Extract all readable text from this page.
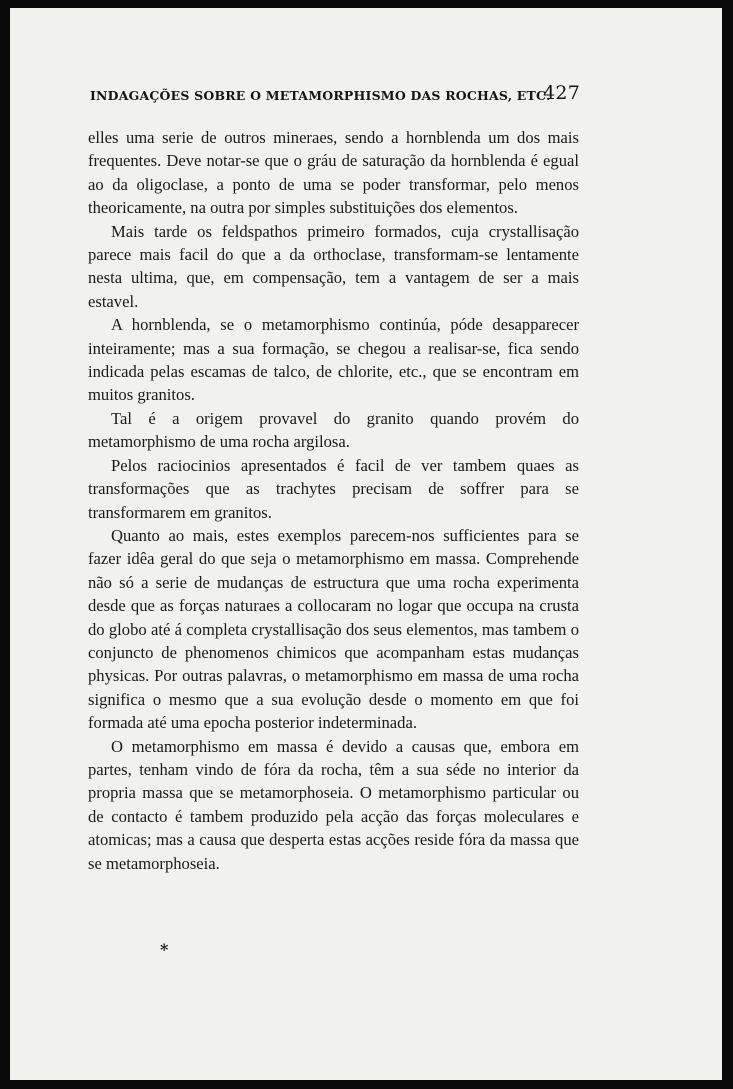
INDAGAÇÕES SOBRE O METAMORPHISMO DAS ROCHAS, ETC.
427

elles uma serie de outros mineraes, sendo a hornblenda um dos mais frequentes. Deve notar-se que o gráu de saturação da hornblenda é egual ao da oligoclase, a ponto de uma se poder transformar, pelo menos theoricamente, na outra por simples substituições dos elementos.

Mais tarde os feldspathos primeiro formados, cuja crystallisação parece mais facil do que a da orthoclase, transformam-se lentamente nesta ultima, que, em compensação, tem a vantagem de ser a mais estavel.

A hornblenda, se o metamorphismo continúa, póde desapparecer inteiramente; mas a sua formação, se chegou a realisar-se, fica sendo indicada pelas escamas de talco, de chlorite, etc., que se encontram em muitos granitos.

Tal é a origem provavel do granito quando provém do metamorphismo de uma rocha argilosa.

Pelos raciocinios apresentados é facil de ver tambem quaes as transformações que as trachytes precisam de soffrer para se transformarem em granitos.

Quanto ao mais, estes exemplos parecem-nos sufficientes para se fazer idêa geral do que seja o metamorphismo em massa. Comprehende não só a serie de mudanças de estructura que uma rocha experimenta desde que as forças naturaes a collocaram no logar que occupa na crusta do globo até á completa crystallisação dos seus elementos, mas tambem o conjuncto de phenomenos chimicos que acompanham estas mudanças physicas. Por outras palavras, o metamorphismo em massa de uma rocha significa o mesmo que a sua evolução desde o momento em que foi formada até uma epocha posterior indeterminada.

O metamorphismo em massa é devido a causas que, embora em partes, tenham vindo de fóra da rocha, têm a sua séde no interior da propria massa que se metamorphoseia. O metamorphismo particular ou de contacto é tambem produzido pela acção das forças moleculares e atomicas; mas a causa que desperta estas acções reside fóra da massa que se metamorphoseia.

*
